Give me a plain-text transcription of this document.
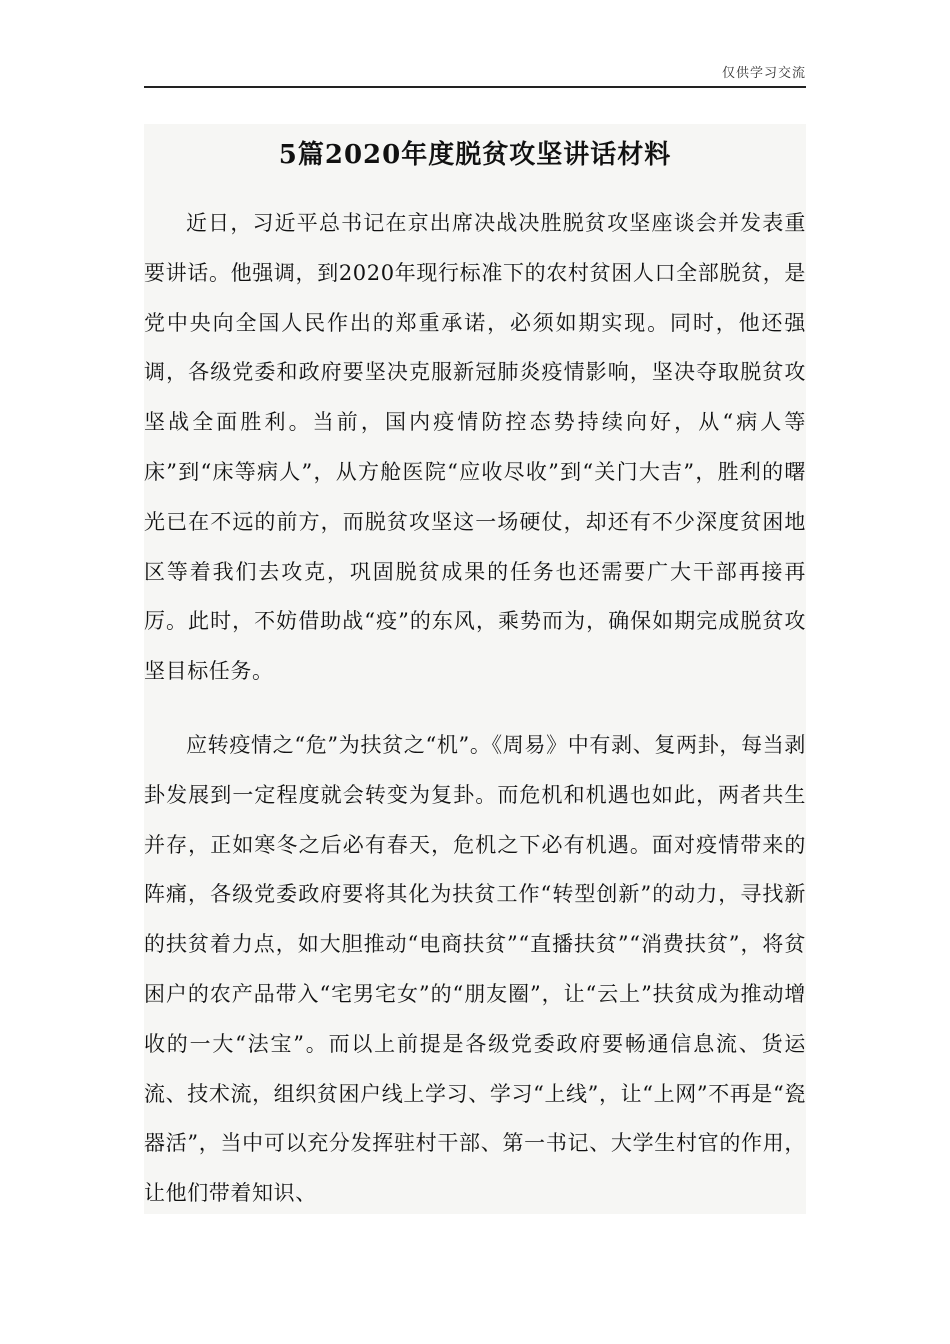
仅供学习交流
5篇2020年度脱贫攻坚讲话材料

近日，习近平总书记在京出席决战决胜脱贫攻坚座谈会并发表重要讲话。他强调，到2020年现行标准下的农村贫困人口全部脱贫，是党中央向全国人民作出的郑重承诺，必须如期实现。同时，他还强调，各级党委和政府要坚决克服新冠肺炎疫情影响，坚决夺取脱贫攻坚战全面胜利。当前，国内疫情防控态势持续向好，从“病人等床”到“床等病人”，从方舱医院“应收尽收”到“关门大吉”，胜利的曙光已在不远的前方，而脱贫攻坚这一场硬仗，却还有不少深度贫困地区等着我们去攻克，巩固脱贫成果的任务也还需要广大干部再接再厉。此时，不妨借助战“疫”的东风，乘势而为，确保如期完成脱贫攻坚目标任务。

应转疫情之“危”为扶贫之“机”。《周易》中有剥、复两卦，每当剥卦发展到一定程度就会转变为复卦。而危机和机遇也如此，两者共生并存，正如寒冬之后必有春天，危机之下必有机遇。面对疫情带来的阵痛，各级党委政府要将其化为扶贫工作“转型创新”的动力，寻找新的扶贫着力点，如大胆推动“电商扶贫”“直播扶贫”“消费扶贫”，将贫困户的农产品带入“宅男宅女”的“朋友圈”，让“云上”扶贫成为推动增收的一大“法宝”。而以上前提是各级党委政府要畅通信息流、货运流、技术流，组织贫困户线上学习、学习“上线”，让“上网”不再是“瓷器活”，当中可以充分发挥驻村干部、第一书记、大学生村官的作用，让他们带着知识、
